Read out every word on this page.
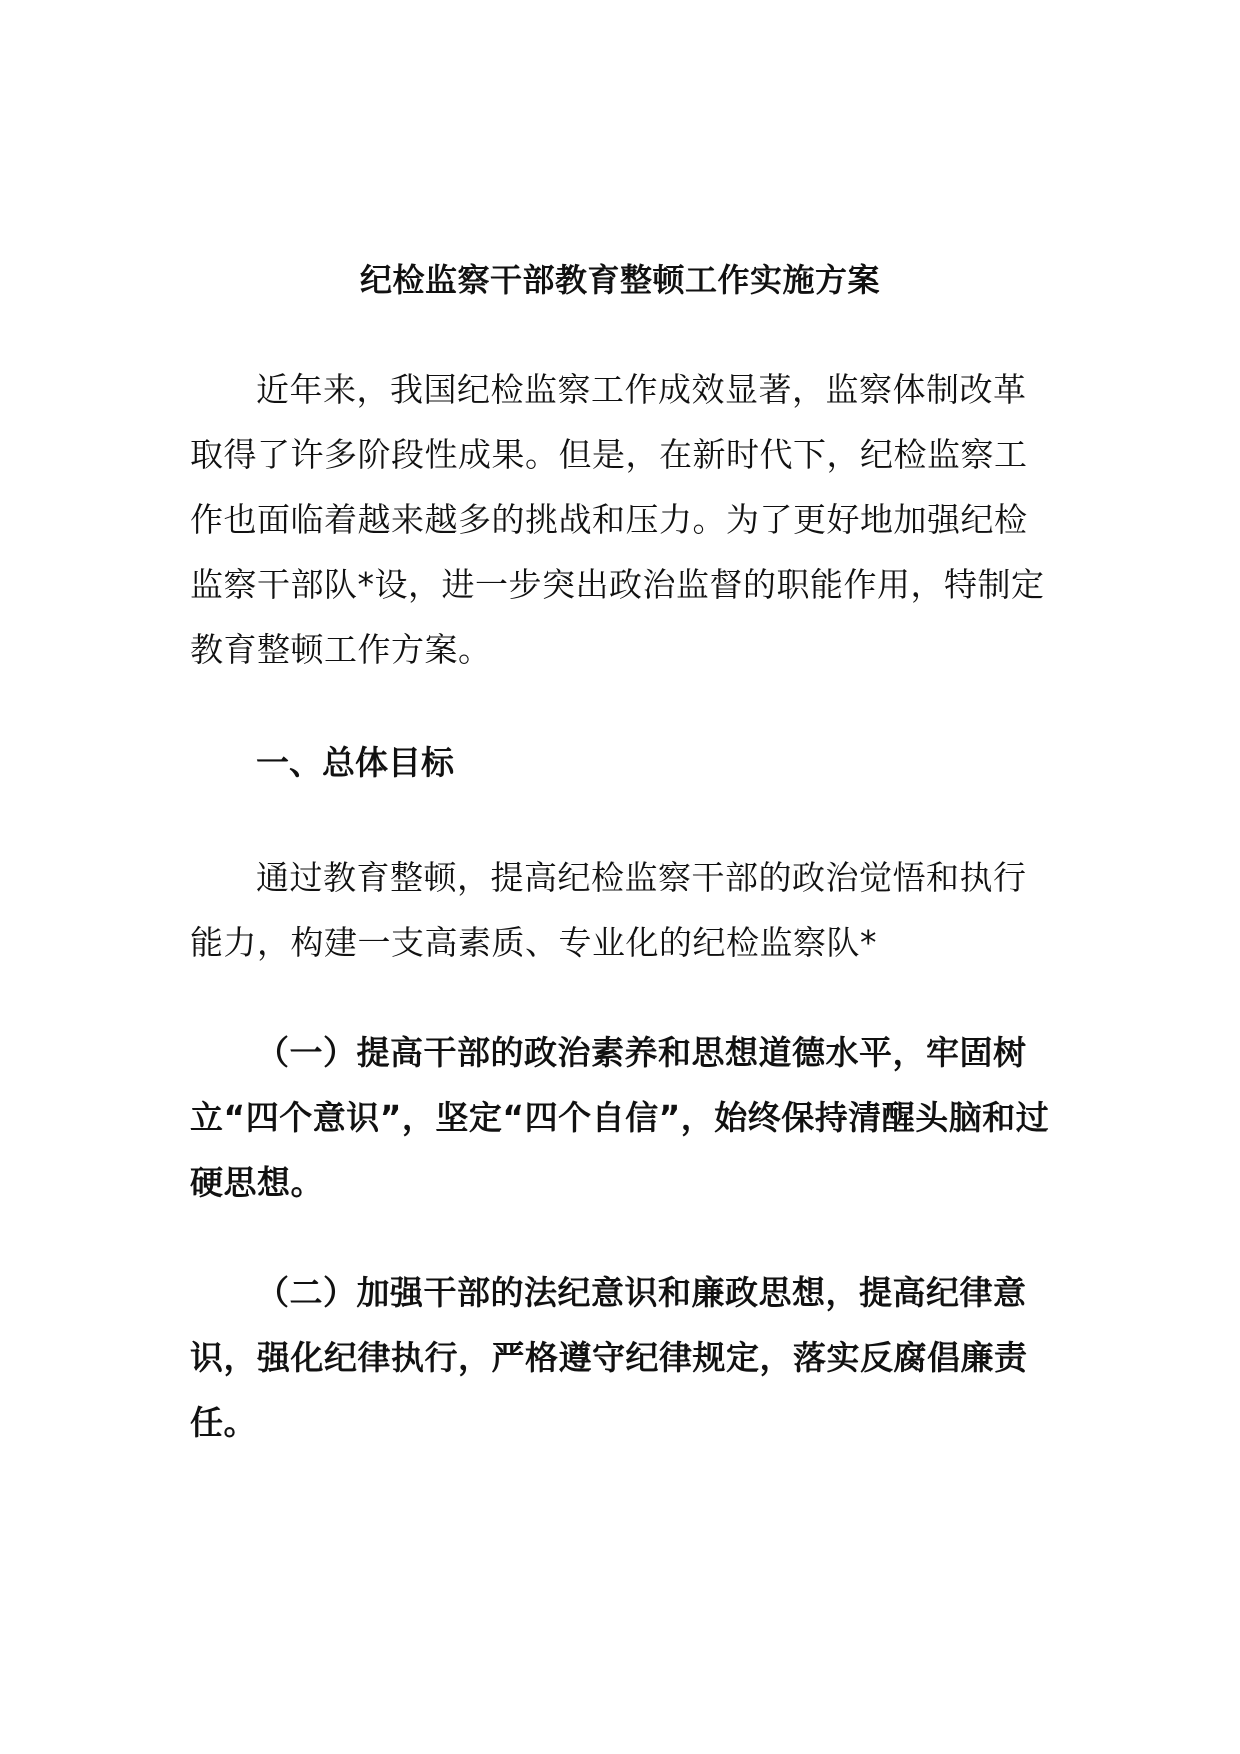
纪检监察干部教育整顿工作实施方案
近年来，我国纪检监察工作成效显著，监察体制改革取得了许多阶段性成果。但是，在新时代下，纪检监察工作也面临着越来越多的挑战和压力。为了更好地加强纪检监察干部队*设，进一步突出政治监督的职能作用，特制定教育整顿工作方案。
一、总体目标
通过教育整顿，提高纪检监察干部的政治觉悟和执行能力，构建一支高素质、专业化的纪检监察队*
（一）提高干部的政治素养和思想道德水平，牢固树立“四个意识”，坚定“四个自信”，始终保持清醒头脑和过硬思想。
（二）加强干部的法纪意识和廉政思想，提高纪律意识，强化纪律执行，严格遵守纪律规定，落实反腐倡廉责任。
